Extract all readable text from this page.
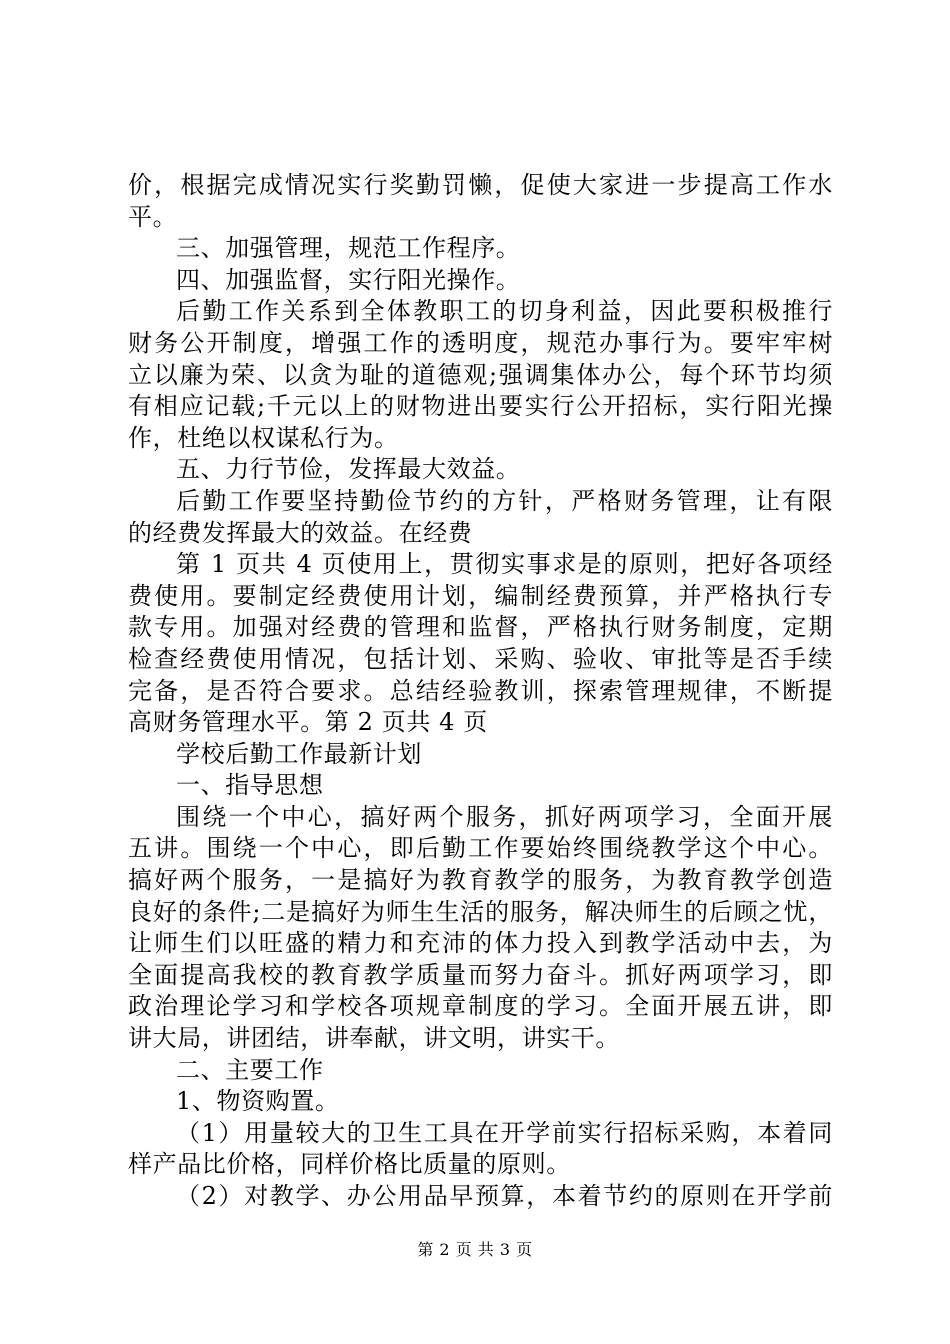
价，根据完成情况实行奖勤罚懒，促使大家进一步提高工作水
平。
三、加强管理，规范工作程序。
四、加强监督，实行阳光操作。
后勤工作关系到全体教职工的切身利益，因此要积极推行
财务公开制度，增强工作的透明度，规范办事行为。要牢牢树
立以廉为荣、以贪为耻的道德观;强调集体办公，每个环节均须
有相应记载;千元以上的财物进出要实行公开招标，实行阳光操
作，杜绝以权谋私行为。
五、力行节俭，发挥最大效益。
后勤工作要坚持勤俭节约的方针，严格财务管理，让有限
的经费发挥最大的效益。在经费
第 1 页共 4 页使用上，贯彻实事求是的原则，把好各项经
费使用。要制定经费使用计划，编制经费预算，并严格执行专
款专用。加强对经费的管理和监督，严格执行财务制度，定期
检查经费使用情况，包括计划、采购、验收、审批等是否手续
完备，是否符合要求。总结经验教训，探索管理规律，不断提
高财务管理水平。第 2 页共 4 页
学校后勤工作最新计划
一、指导思想
围绕一个中心，搞好两个服务，抓好两项学习，全面开展
五讲。围绕一个中心，即后勤工作要始终围绕教学这个中心。
搞好两个服务，一是搞好为教育教学的服务，为教育教学创造
良好的条件;二是搞好为师生生活的服务，解决师生的后顾之忧，
让师生们以旺盛的精力和充沛的体力投入到教学活动中去，为
全面提高我校的教育教学质量而努力奋斗。抓好两项学习，即
政治理论学习和学校各项规章制度的学习。全面开展五讲，即
讲大局，讲团结，讲奉献，讲文明，讲实干。
二、主要工作
1、物资购置。
（1）用量较大的卫生工具在开学前实行招标采购，本着同
样产品比价格，同样价格比质量的原则。
（2）对教学、办公用品早预算，本着节约的原则在开学前
第 2 页 共 3 页
